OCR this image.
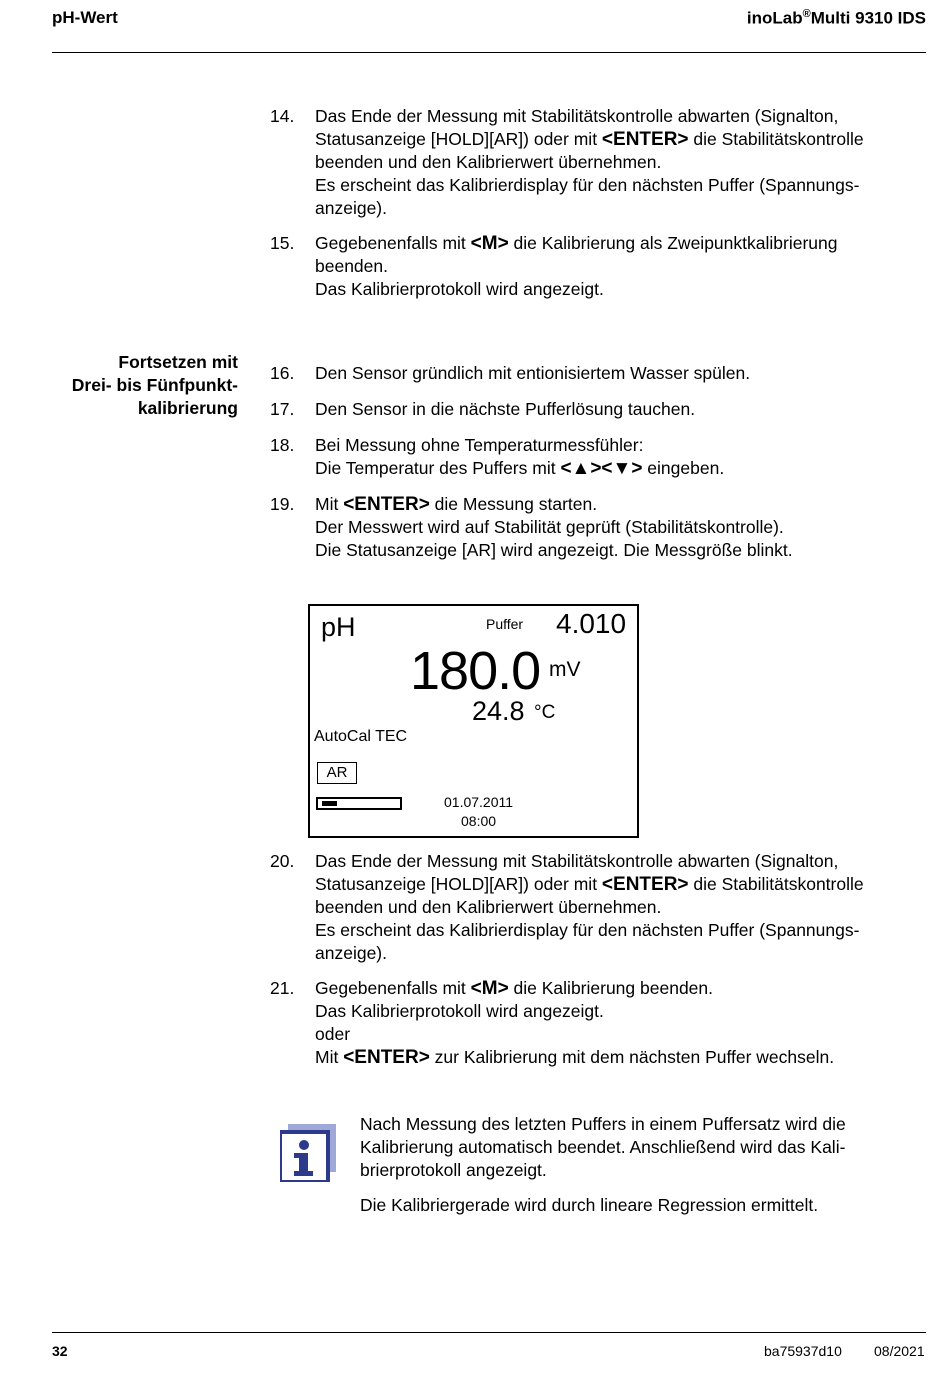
pH-Wert	inoLab®Multi 9310 IDS
14.	Das Ende der Messung mit Stabilitätskontrolle abwarten (Signalton,
Statusanzeige [HOLD][AR]) oder mit <ENTER> die Stabilitätskontrolle
beenden und den Kalibrierwert übernehmen.
Es erscheint das Kalibrierdisplay für den nächsten Puffer (Spannungs-
anzeige).
15.	Gegebenenfalls mit <M> die Kalibrierung als Zweipunktkalibrierung
beenden.
Das Kalibrierprotokoll wird angezeigt.
Fortsetzen mit
Drei- bis Fünfpunkt-
kalibrierung
16.	Den Sensor gründlich mit entionisiertem Wasser spülen.
17.	Den Sensor in die nächste Pufferlösung tauchen.
18.	Bei Messung ohne Temperaturmessfühler:
Die Temperatur des Puffers mit <▲><▼> eingeben.
19.	Mit <ENTER> die Messung starten.
Der Messwert wird auf Stabilität geprüft (Stabilitätskontrolle).
Die Statusanzeige [AR] wird angezeigt. Die Messgröße blinkt.
pH	Puffer 4.010
180.0 mV
24.8 °C
AutoCal TEC
AR
01.07.2011
08:00
20.	Das Ende der Messung mit Stabilitätskontrolle abwarten (Signalton,
Statusanzeige [HOLD][AR]) oder mit <ENTER> die Stabilitätskontrolle
beenden und den Kalibrierwert übernehmen.
Es erscheint das Kalibrierdisplay für den nächsten Puffer (Spannungs-
anzeige).
21.	Gegebenenfalls mit <M> die Kalibrierung beenden.
Das Kalibrierprotokoll wird angezeigt.
oder
Mit <ENTER> zur Kalibrierung mit dem nächsten Puffer wechseln.
Nach Messung des letzten Puffers in einem Puffersatz wird die
Kalibrierung automatisch beendet. Anschließend wird das Kali-
brierprotokoll angezeigt.
Die Kalibriergerade wird durch lineare Regression ermittelt.
32	ba75937d10 08/2021
